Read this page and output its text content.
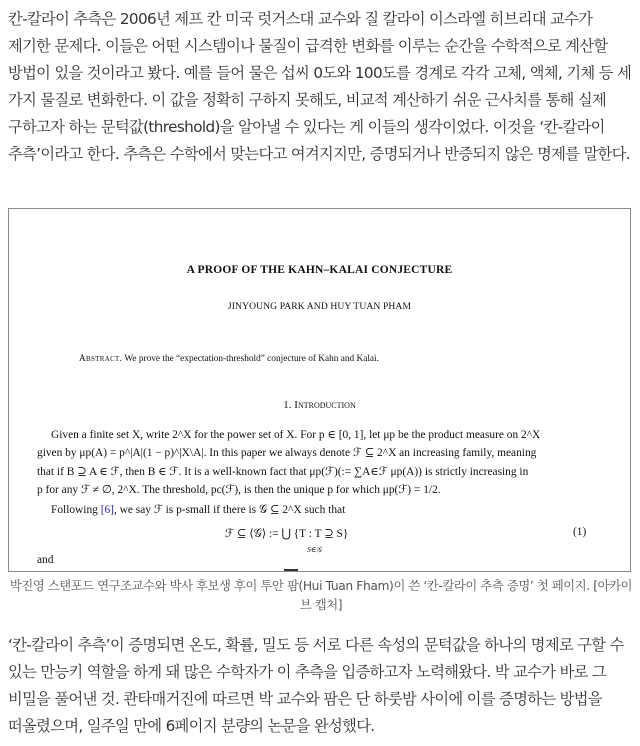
칸-칼라이 추측은 2006년 제프 칸 미국 럿거스대 교수와 질 칼라이 이스라엘 히브리대 교수가 제기한 문제다. 이들은 어떤 시스템이나 물질이 급격한 변화를 이루는 순간을 수학적으로 계산할 방법이 있을 것이라고 봤다. 예를 들어 물은 섭씨 0도와 100도를 경계로 각각 고체, 액체, 기체 등 세 가지 물질로 변화한다. 이 값을 정확히 구하지 못해도, 비교적 계산하기 쉬운 근사치를 통해 실제 구하고자 하는 문턱값(threshold)을 알아낼 수 있다는 게 이들의 생각이었다. 이것을 ‘칸-칼라이 추측’이라고 한다. 추측은 수학에서 맞는다고 여겨지지만, 증명되거나 반증되지 않은 명제를 말한다.

A PROOF OF THE KAHN–KALAI CONJECTURE
JINYOUNG PARK AND HUY TUAN PHAM
Abstract. We prove the “expectation-threshold” conjecture of Kahn and Kalai.
1. Introduction
Given a finite set X, write 2^X for the power set of X. For p ∈ [0, 1], let μp be the product measure on 2^X
given by μp(A) = p^|A|(1 − p)^|X\A|. In this paper we always denote ℱ ⊆ 2^X an increasing family, meaning
that if B ⊇ A ∈ ℱ, then B ∈ ℱ. It is a well-known fact that μp(ℱ)(:= ∑A∈ℱ μp(A)) is strictly increasing in
p for any ℱ ≠ ∅, 2^X. The threshold, pc(ℱ), is then the unique p for which μp(ℱ) = 1/2.
Following [6], we say ℱ is p-small if there is 𝒢 ⊆ 2^X such that
ℱ ⊆ ⟨𝒢⟩ := ⋃ {T : T ⊇ S}
S∈𝒢
(1)
and
박진영 스탠포드 연구조교수와 박사 후보생 후이 투안 팜(Hui Tuan Fham)이 쓴 ‘칸-칼라이 추측 증명’ 첫 페이지. [아카이브 캡처]

‘칸-칼라이 추측’이 증명되면 온도, 확률, 밀도 등 서로 다른 속성의 문턱값을 하나의 명제로 구할 수 있는 만능키 역할을 하게 돼 많은 수학자가 이 추측을 입증하고자 노력해왔다. 박 교수가 바로 그 비밀을 풀어낸 것. 콴타매거진에 따르면 박 교수와 팜은 단 하룻밤 사이에 이를 증명하는 방법을 떠올렸으며, 일주일 만에 6페이지 분량의 논문을 완성했다.
